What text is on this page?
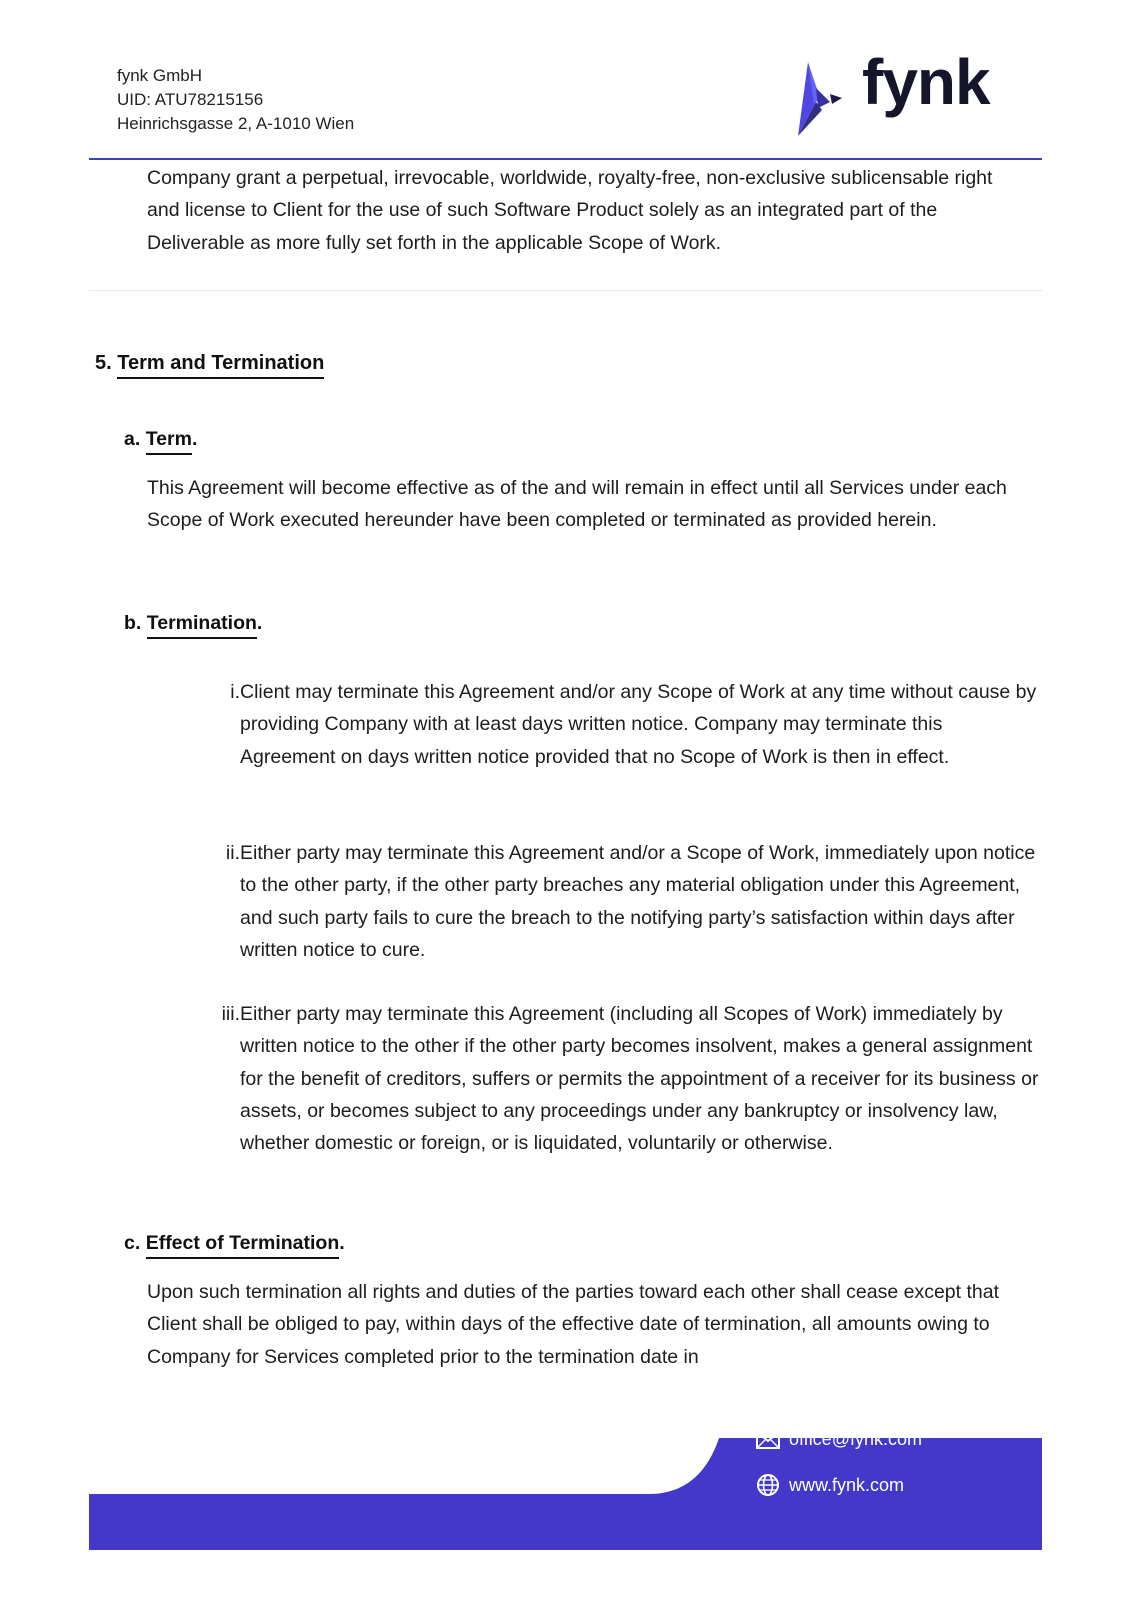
fynk GmbH
UID: ATU78215156
Heinrichsgasse 2, A-1010 Wien
fynk
Company grant a perpetual, irrevocable, worldwide, royalty-free, non-exclusive sublicensable right and license to Client for the use of such Software Product solely as an integrated part of the Deliverable as more fully set forth in the applicable Scope of Work.
5. Term and Termination
a. Term.
This Agreement will become effective as of the and will remain in effect until all Services under each Scope of Work executed hereunder have been completed or terminated as provided herein.
b. Termination.
i. Client may terminate this Agreement and/or any Scope of Work at any time without cause by providing Company with at least days written notice. Company may terminate this Agreement on days written notice provided that no Scope of Work is then in effect.
ii. Either party may terminate this Agreement and/or a Scope of Work, immediately upon notice to the other party, if the other party breaches any material obligation under this Agreement, and such party fails to cure the breach to the notifying party’s satisfaction within days after written notice to cure.
iii. Either party may terminate this Agreement (including all Scopes of Work) immediately by written notice to the other if the other party becomes insolvent, makes a general assignment for the benefit of creditors, suffers or permits the appointment of a receiver for its business or assets, or becomes subject to any proceedings under any bankruptcy or insolvency law, whether domestic or foreign, or is liquidated, voluntarily or otherwise.
c. Effect of Termination.
Upon such termination all rights and duties of the parties toward each other shall cease except that Client shall be obliged to pay, within days of the effective date of termination, all amounts owing to Company for Services completed prior to the termination date in
office@fynk.com
www.fynk.com
